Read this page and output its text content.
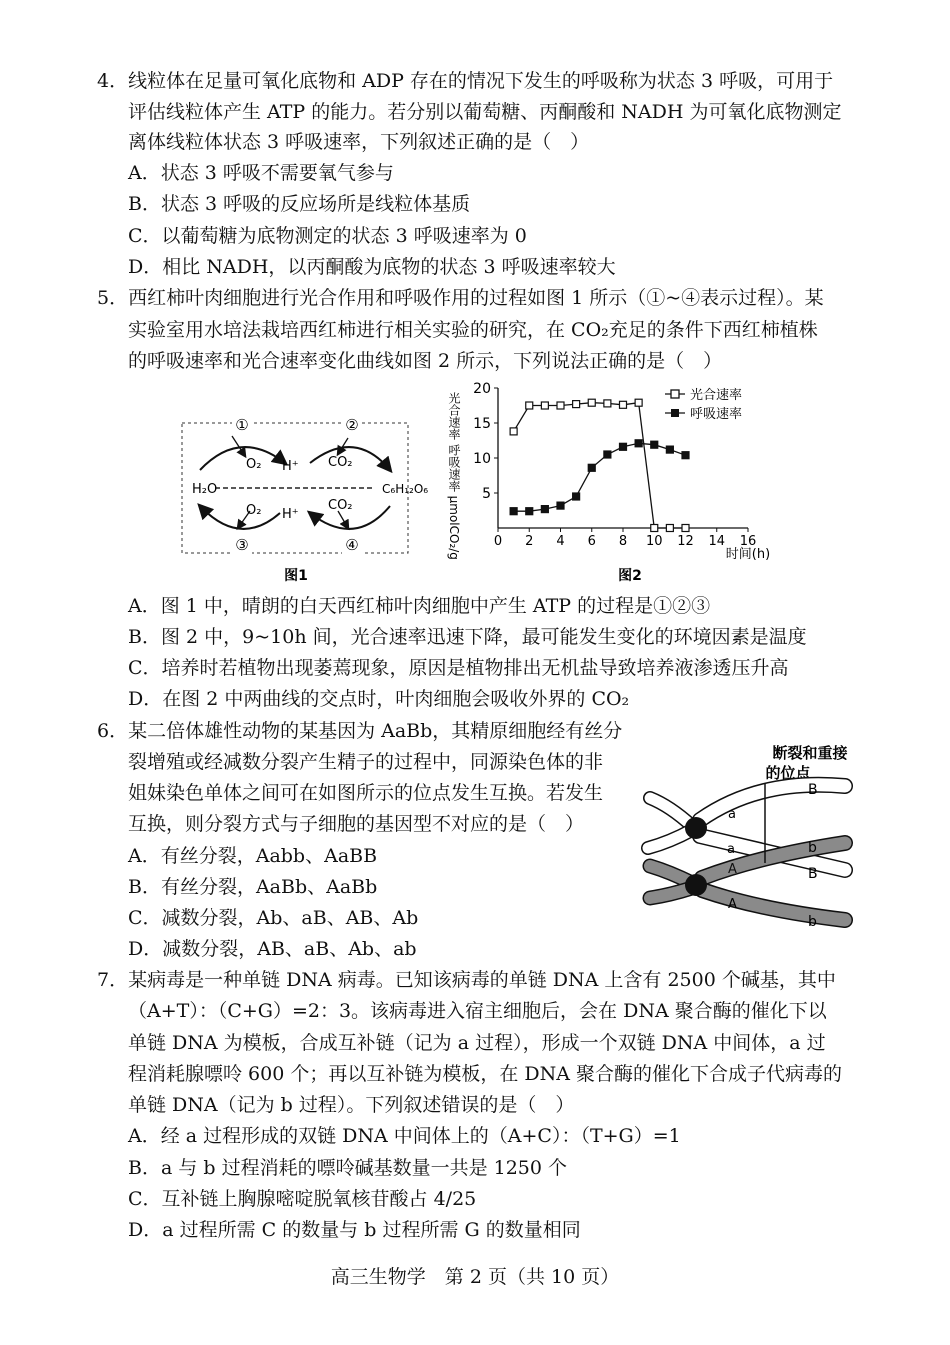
4．线粒体在足量可氧化底物和 ADP 存在的情况下发生的呼吸称为状态 3 呼吸，可用于
评估线粒体产生 ATP 的能力。若分别以葡萄糖、丙酮酸和 NADH 为可氧化底物测定
离体线粒体状态 3 呼吸速率，下列叙述正确的是（　）
A．状态 3 呼吸不需要氧气参与
B．状态 3 呼吸的反应场所是线粒体基质
C．以葡萄糖为底物测定的状态 3 呼吸速率为 0
D．相比 NADH，以丙酮酸为底物的状态 3 呼吸速率较大
5．西红柿叶肉细胞进行光合作用和呼吸作用的过程如图 1 所示（①~④表示过程）。某
实验室用水培法栽培西红柿进行相关实验的研究，在 CO₂充足的条件下西红柿植株
的呼吸速率和光合速率变化曲线如图 2 所示，下列说法正确的是（　）
①	②
③	④
O₂ H⁺ CO₂
H₂O	C₆H₁₂O₆
O₂ H⁺
CO₂
图1
光合速率 呼吸速率 μmolCO₂/g	0 2 4 6 8 10 12 14 16
5
10
15
20
时间(h)
图2
光合速率
呼吸速率
A．图 1 中，晴朗的白天西红柿叶肉细胞中产生 ATP 的过程是①②③
B．图 2 中，9~10h 间，光合速率迅速下降，最可能发生变化的环境因素是温度
C．培养时若植物出现萎蔫现象，原因是植物排出无机盐导致培养液渗透压升高
D．在图 2 中两曲线的交点时，叶肉细胞会吸收外界的 CO₂
6．某二倍体雄性动物的某基因为 AaBb，其精原细胞经有丝分
裂增殖或经减数分裂产生精子的过程中，同源染色体的非
姐妹染色单体之间可在如图所示的位点发生互换。若发生
互换，则分裂方式与子细胞的基因型不对应的是（　）
A．有丝分裂，Aabb、AaBB
B．有丝分裂，AaBb、AaBb
C．减数分裂，Ab、aB、AB、Ab
D．减数分裂，AB、aB、Ab、ab
断裂和重接
的位点
a
B
a
B
A
b
A
b
7．某病毒是一种单链 DNA 病毒。已知该病毒的单链 DNA 上含有 2500 个碱基，其中
（A+T）：（C+G）=2：3。该病毒进入宿主细胞后，会在 DNA 聚合酶的催化下以
单链 DNA 为模板，合成互补链（记为 a 过程），形成一个双链 DNA 中间体，a 过
程消耗腺嘌呤 600 个；再以互补链为模板，在 DNA 聚合酶的催化下合成子代病毒的
单链 DNA（记为 b 过程）。下列叙述错误的是（　）
A．经 a 过程形成的双链 DNA 中间体上的（A+C）：（T+G）=1
B．a 与 b 过程消耗的嘌呤碱基数量一共是 1250 个
C．互补链上胸腺嘧啶脱氧核苷酸占 4/25
D．a 过程所需 C 的数量与 b 过程所需 G 的数量相同
高三生物学　第 2 页（共 10 页）
